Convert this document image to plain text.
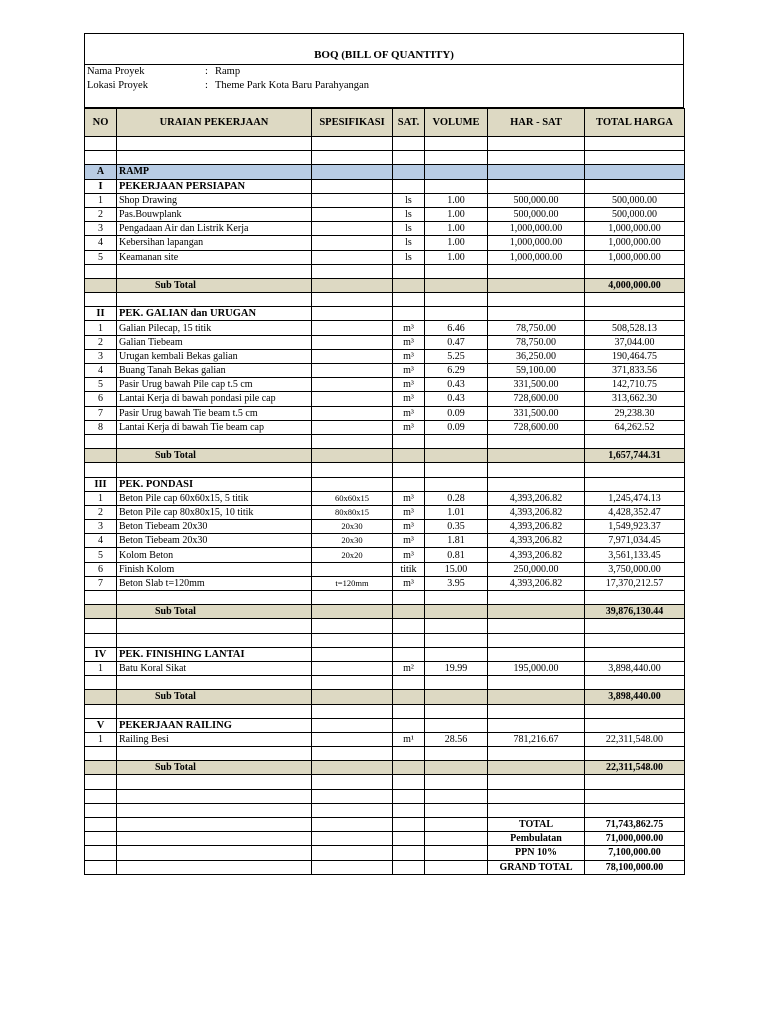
BOQ (BILL OF QUANTITY)
Nama Proyek	: Ramp
Lokasi Proyek	: Theme Park Kota Baru Parahyangan
NO	URAIAN PEKERJAAN	SPESIFIKASI	SAT.	VOLUME	HAR - SAT	TOTAL HARGA

A	RAMP					
I	PEKERJAAN PERSIAPAN					
1	Shop Drawing		ls	1.00	500,000.00	500,000.00
2	Pas.Bouwplank		ls	1.00	500,000.00	500,000.00
3	Pengadaan Air dan Listrik Kerja		ls	1.00	1,000,000.00	1,000,000.00
4	Kebersihan lapangan		ls	1.00	1,000,000.00	1,000,000.00
5	Keamanan site		ls	1.00	1,000,000.00	1,000,000.00

	Sub Total					4,000,000.00

II	PEK. GALIAN dan URUGAN					
1	Galian Pilecap, 15 titik		m³	6.46	78,750.00	508,528.13
2	Galian Tiebeam		m³	0.47	78,750.00	37,044.00
3	Urugan kembali Bekas galian		m³	5.25	36,250.00	190,464.75
4	Buang Tanah Bekas galian		m³	6.29	59,100.00	371,833.56
5	Pasir Urug bawah Pile cap t.5 cm		m³	0.43	331,500.00	142,710.75
6	Lantai Kerja di bawah pondasi pile cap		m³	0.43	728,600.00	313,662.30
7	Pasir Urug bawah Tie beam t.5 cm		m³	0.09	331,500.00	29,238.30
8	Lantai Kerja di bawah Tie beam cap		m³	0.09	728,600.00	64,262.52

	Sub Total					1,657,744.31

III	PEK. PONDASI					
1	Beton Pile cap 60x60x15, 5 titik	60x60x15	m³	0.28	4,393,206.82	1,245,474.13
2	Beton Pile cap 80x80x15, 10 titik	80x80x15	m³	1.01	4,393,206.82	4,428,352.47
3	Beton Tiebeam 20x30	20x30	m³	0.35	4,393,206.82	1,549,923.37
4	Beton Tiebeam 20x30	20x30	m³	1.81	4,393,206.82	7,971,034.45
5	Kolom Beton	20x20	m³	0.81	4,393,206.82	3,561,133.45
6	Finish Kolom		titik	15.00	250,000.00	3,750,000.00
7	Beton Slab t=120mm	t=120mm	m³	3.95	4,393,206.82	17,370,212.57

	Sub Total					39,876,130.44

IV	PEK. FINISHING LANTAI					
1	Batu Koral Sikat		m²	19.99	195,000.00	3,898,440.00

	Sub Total					3,898,440.00

V	PEKERJAAN RAILING					
1	Railing Besi		m¹	28.56	781,216.67	22,311,548.00

	Sub Total					22,311,548.00

					TOTAL	71,743,862.75
					Pembulatan	71,000,000.00
					PPN 10%	7,100,000.00
					GRAND TOTAL	78,100,000.00
